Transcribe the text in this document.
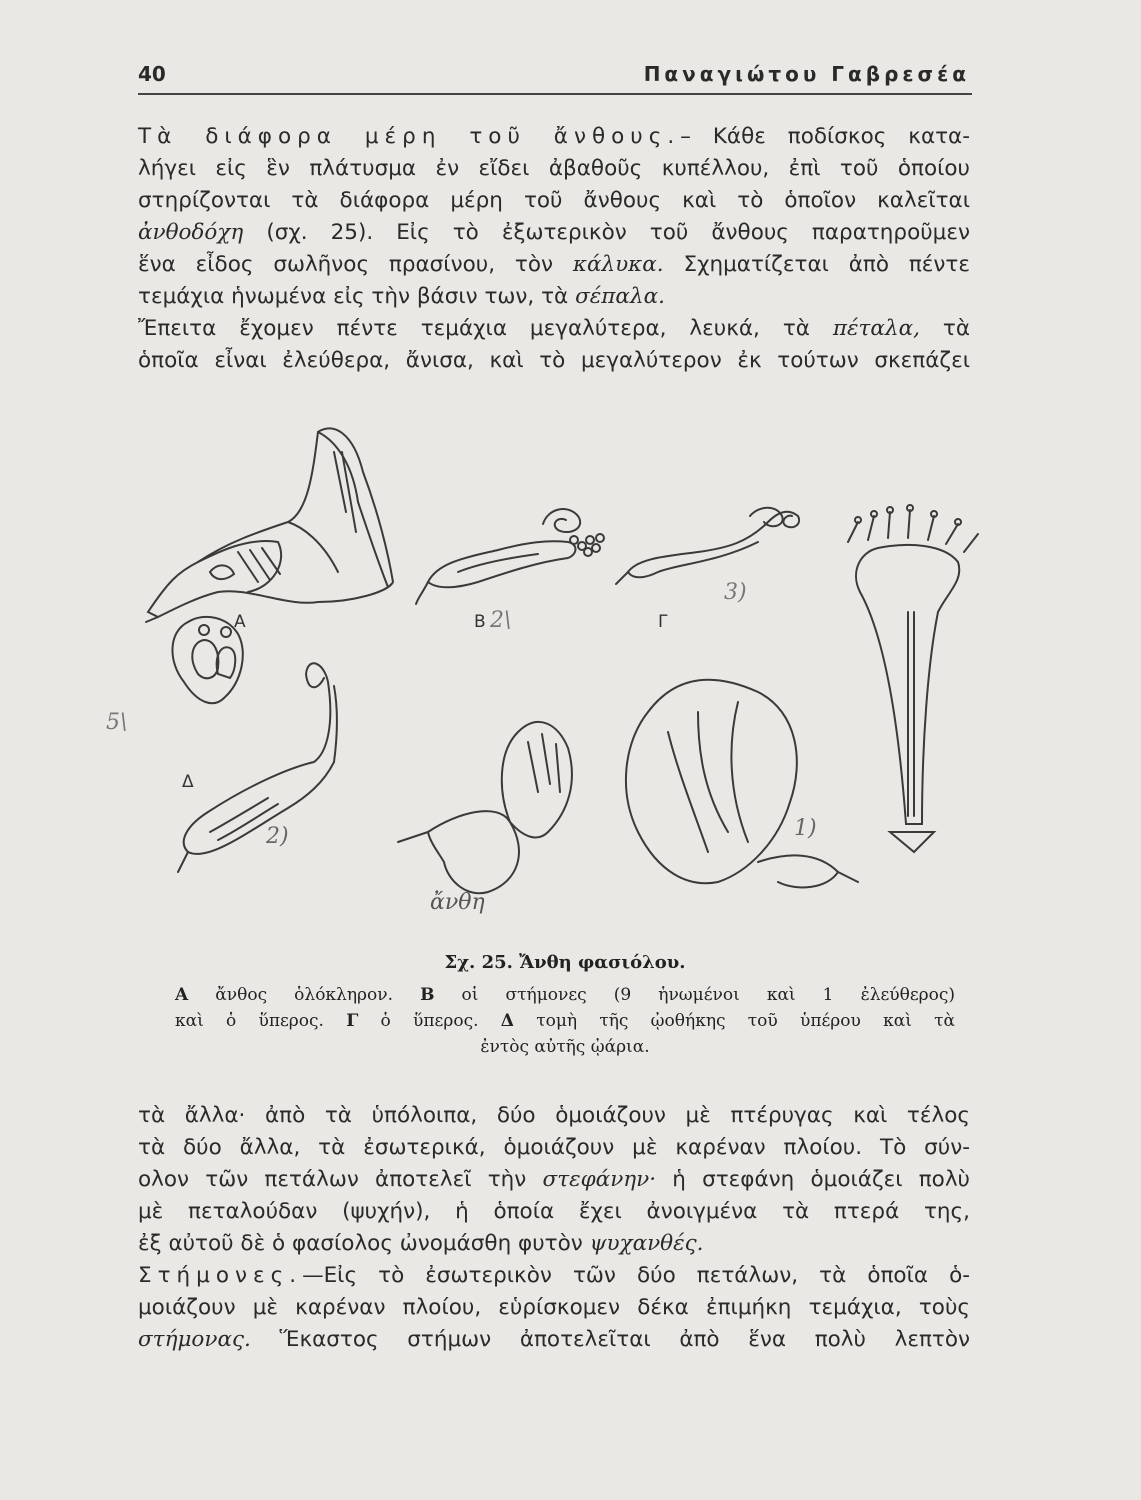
40	Παναγιώτου Γαβρεσέα
Τὰ διάφορα μέρη τοῦ ἄνθους.– Κάθε ποδίσκος κατα-
λήγει εἰς ἓν πλάτυσμα ἐν εἴδει ἀβαθοῦς κυπέλλου, ἐπὶ τοῦ ὁποίου
στηρίζονται τὰ διάφορα μέρη τοῦ ἄνθους καὶ τὸ ὁποῖον καλεῖται
ἀνθοδόχη (σχ. 25). Εἰς τὸ ἐξωτερικὸν τοῦ ἄνθους παρατηροῦμεν
ἕνα εἶδος σωλῆνος πρασίνου, τὸν κάλυκα. Σχηματίζεται ἀπὸ πέντε
τεμάχια ἡνωμένα εἰς τὴν βάσιν των, τὰ σέπαλα.
Ἔπειτα ἔχομεν πέντε τεμάχια μεγαλύτερα, λευκά, τὰ πέταλα, τὰ
ὁποῖα εἶναι ἐλεύθερα, ἄνισα, καὶ τὸ μεγαλύτερον ἐκ τούτων σκεπάζει
Α	Β	Γ
Δ
2\
3)
1)
2)
5\
ἄνθη
Σχ. 25. Ἄνθη φασιόλου.
Α ἄνθος ὁλόκληρον. Β οἱ στήμονες (9 ἡνωμένοι καὶ 1 ἐλεύθερος)
καὶ ὁ ὕπερος. Γ ὁ ὕπερος. Δ τομὴ τῆς ᾠοθήκης τοῦ ὑπέρου καὶ τὰ
ἐντὸς αὐτῆς ᾠάρια.
τὰ ἄλλα· ἀπὸ τὰ ὑπόλοιπα, δύο ὁμοιάζουν μὲ πτέρυγας καὶ τέλος
τὰ δύο ἄλλα, τὰ ἐσωτερικά, ὁμοιάζουν μὲ καρέναν πλοίου. Τὸ σύν-
ολον τῶν πετάλων ἀποτελεῖ τὴν στεφάνην· ἡ στεφάνη ὁμοιάζει πολὺ
μὲ πεταλούδαν (ψυχήν), ἡ ὁποία ἔχει ἀνοιγμένα τὰ πτερά της,
ἐξ αὐτοῦ δὲ ὁ φασίολος ὠνομάσθη φυτὸν ψυχανθές.
Στήμονες.—Εἰς τὸ ἐσωτερικὸν τῶν δύο πετάλων, τὰ ὁποῖα ὁ-
μοιάζουν μὲ καρέναν πλοίου, εὑρίσκομεν δέκα ἐπιμήκη τεμάχια, τοὺς
στήμονας. Ἕκαστος στήμων ἀποτελεῖται ἀπὸ ἕνα πολὺ λεπτὸν
